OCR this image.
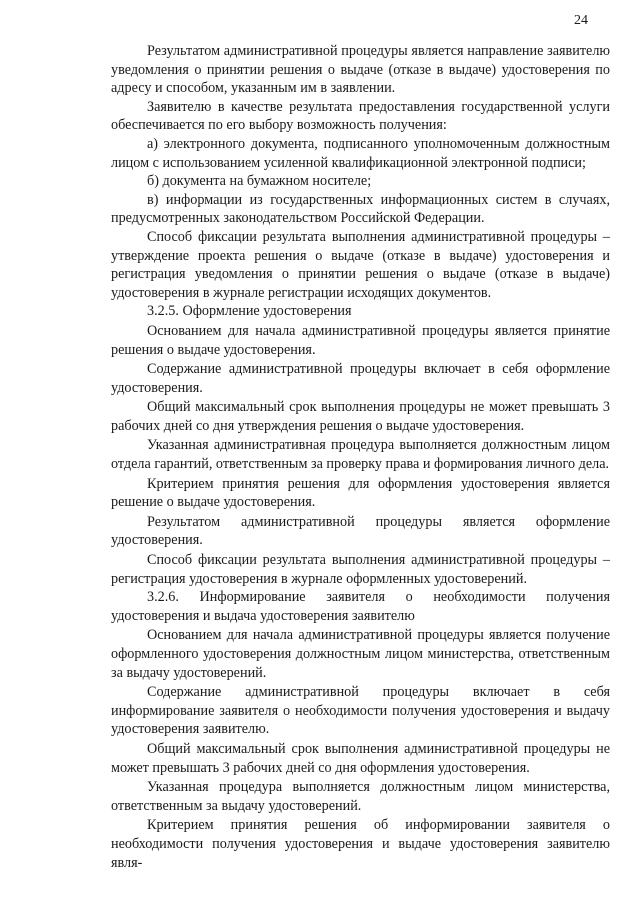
24

Результатом административной процедуры является направление заявителю уведомления о принятии решения о выдаче (отказе в выдаче) удостоверения по адресу и способом, указанным им в заявлении.

Заявителю в качестве результата предоставления государственной услуги обеспечивается по его выбору возможность получения:

а) электронного документа, подписанного уполномоченным должностным лицом с использованием усиленной квалификационной электронной подписи;

б) документа на бумажном носителе;

в) информации из государственных информационных систем в случаях, предусмотренных законодательством Российской Федерации.

Способ фиксации результата выполнения административной процедуры – утверждение проекта решения о выдаче (отказе в выдаче) удостоверения и регистрация уведомления о принятии решения о выдаче (отказе в выдаче) удостоверения в журнале регистрации исходящих документов.

3.2.5. Оформление удостоверения

Основанием для начала административной процедуры является принятие решения о выдаче удостоверения.

Содержание административной процедуры включает в себя оформление удостоверения.

Общий максимальный срок выполнения процедуры не может превышать 3 рабочих дней со дня утверждения решения о выдаче удостоверения.

Указанная административная процедура выполняется должностным лицом отдела гарантий, ответственным за проверку права и формирования личного дела.

Критерием принятия решения для оформления удостоверения является решение о выдаче удостоверения.

Результатом административной процедуры является оформление удостоверения.

Способ фиксации результата выполнения административной процедуры – регистрация удостоверения в журнале оформленных удостоверений.

3.2.6. Информирование заявителя о необходимости получения удостоверения и выдача удостоверения заявителю

Основанием для начала административной процедуры является получение оформленного удостоверения должностным лицом министерства, ответственным за выдачу удостоверений.

Содержание административной процедуры включает в себя информирование заявителя о необходимости получения удостоверения и выдачу удостоверения заявителю.

Общий максимальный срок выполнения административной процедуры не может превышать 3 рабочих дней со дня оформления удостоверения.

Указанная процедура выполняется должностным лицом министерства, ответственным за выдачу удостоверений.

Критерием принятия решения об информировании заявителя о необходимости получения удостоверения и выдаче удостоверения заявителю явля-
